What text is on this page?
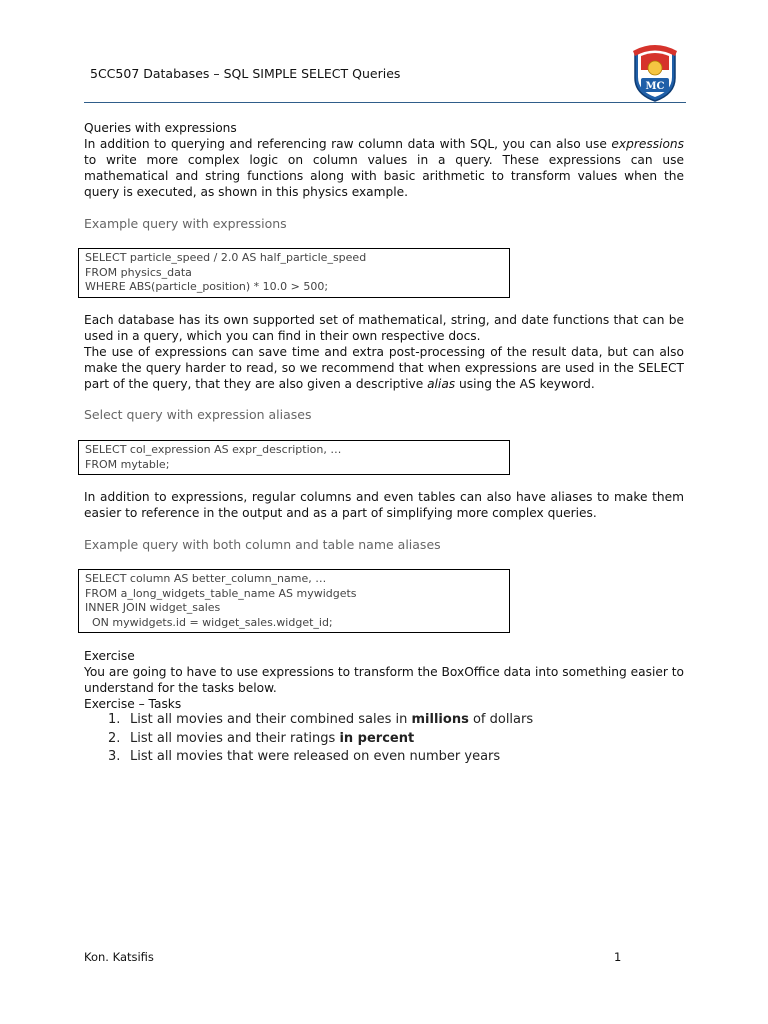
5CC507 Databases – SQL SIMPLE SELECT Queries
MC
Queries with expressions
In addition to querying and referencing raw column data with SQL, you can also use expressions to write more complex logic on column values in a query. These expressions can use mathematical and string functions along with basic arithmetic to transform values when the query is executed, as shown in this physics example.
Example query with expressions
SELECT particle_speed / 2.0 AS half_particle_speed
FROM physics_data
WHERE ABS(particle_position) * 10.0 > 500;
Each database has its own supported set of mathematical, string, and date functions that can be used in a query, which you can find in their own respective docs.
The use of expressions can save time and extra post-processing of the result data, but can also make the query harder to read, so we recommend that when expressions are used in the SELECT part of the query, that they are also given a descriptive alias using the AS keyword.
Select query with expression aliases
SELECT col_expression AS expr_description, …
FROM mytable;
In addition to expressions, regular columns and even tables can also have aliases to make them easier to reference in the output and as a part of simplifying more complex queries.
Example query with both column and table name aliases
SELECT column AS better_column_name, …
FROM a_long_widgets_table_name AS mywidgets
INNER JOIN widget_sales
ON mywidgets.id = widget_sales.widget_id;
Exercise
You are going to have to use expressions to transform the BoxOffice data into something easier to understand for the tasks below.
Exercise – Tasks
1. List all movies and their combined sales in millions of dollars
2. List all movies and their ratings in percent
3. List all movies that were released on even number years
Kon. Katsifis	1
